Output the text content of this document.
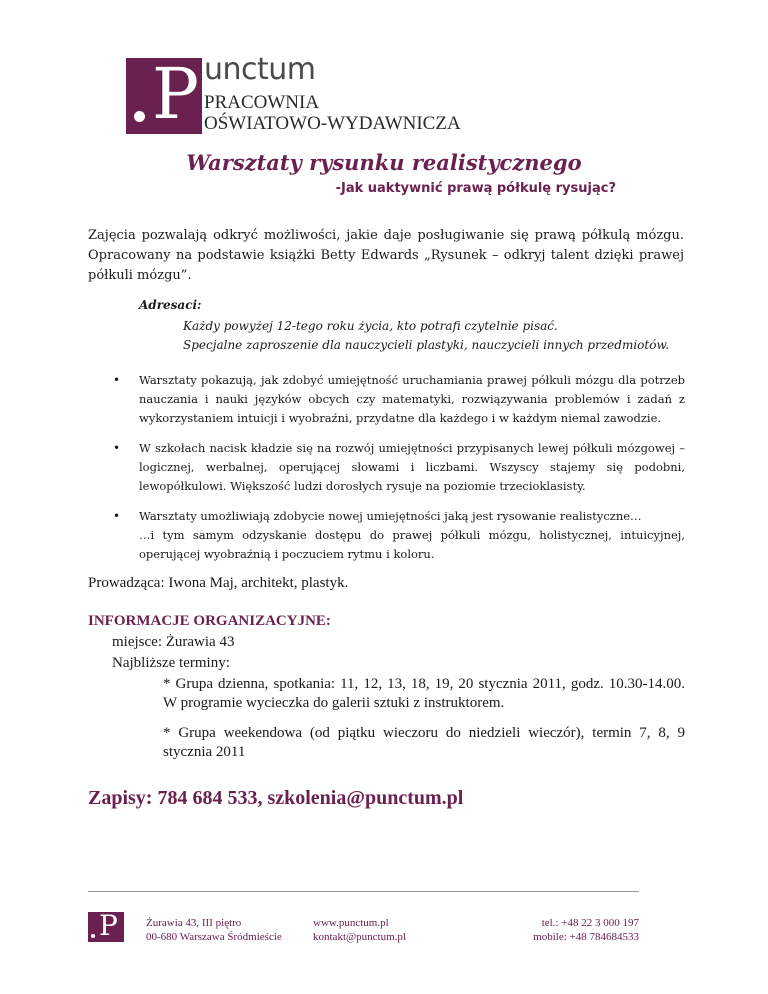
P unctum
PRACOWNIA
OŚWIATOWO-WYDAWNICZA
Warsztaty rysunku realistycznego
-Jak uaktywnić prawą półkulę rysując?

Zajęcia pozwalają odkryć możliwości, jakie daje posługiwanie się prawą półkulą mózgu. Opracowany na podstawie książki Betty Edwards „Rysunek – odkryj talent dzięki prawej półkuli mózgu”.

Adresaci:
Każdy powyżej 12-tego roku życia, kto potrafi czytelnie pisać.
Specjalne zaproszenie dla nauczycieli plastyki, nauczycieli innych przedmiotów.
• Warsztaty pokazują, jak zdobyć umiejętność uruchamiania prawej półkuli mózgu dla potrzeb nauczania i nauki języków obcych czy matematyki, rozwiązywania problemów i zadań z wykorzystaniem intuicji i wyobraźni, przydatne dla każdego i w każdym niemal zawodzie.

• W szkołach nacisk kładzie się na rozwój umiejętności przypisanych lewej półkuli mózgowej – logicznej, werbalnej, operującej słowami i liczbami. Wszyscy stajemy się podobni, lewopółkulowi. Większość ludzi dorosłych rysuje na poziomie trzecioklasisty.

• Warsztaty umożliwiają zdobycie nowej umiejętności jaką jest rysowanie realistyczne…

…i tym samym odzyskanie dostępu do prawej półkuli mózgu, holistycznej, intuicyjnej, operującej wyobraźnią i poczuciem rytmu i koloru.

Prowadząca: Iwona Maj, architekt, plastyk.
INFORMACJE ORGANIZACYJNE:
miejsce: Żurawia 43
Najbliższe terminy:

* Grupa dzienna, spotkania: 11, 12, 13, 18, 19, 20 stycznia 2011, godz. 10.30-14.00. W programie wycieczka do galerii sztuki z instruktorem.

* Grupa weekendowa (od piątku wieczoru do niedzieli wieczór), termin 7, 8, 9 stycznia 2011

Zapisy: 784 684 533, szkolenia@punctum.pl
P	Żurawia 43, III piętro
00-680 Warszawa Śródmieście
www.punctum.pl
kontakt@punctum.pl
tel.: +48 22 3 000 197
mobile: +48 784684533
